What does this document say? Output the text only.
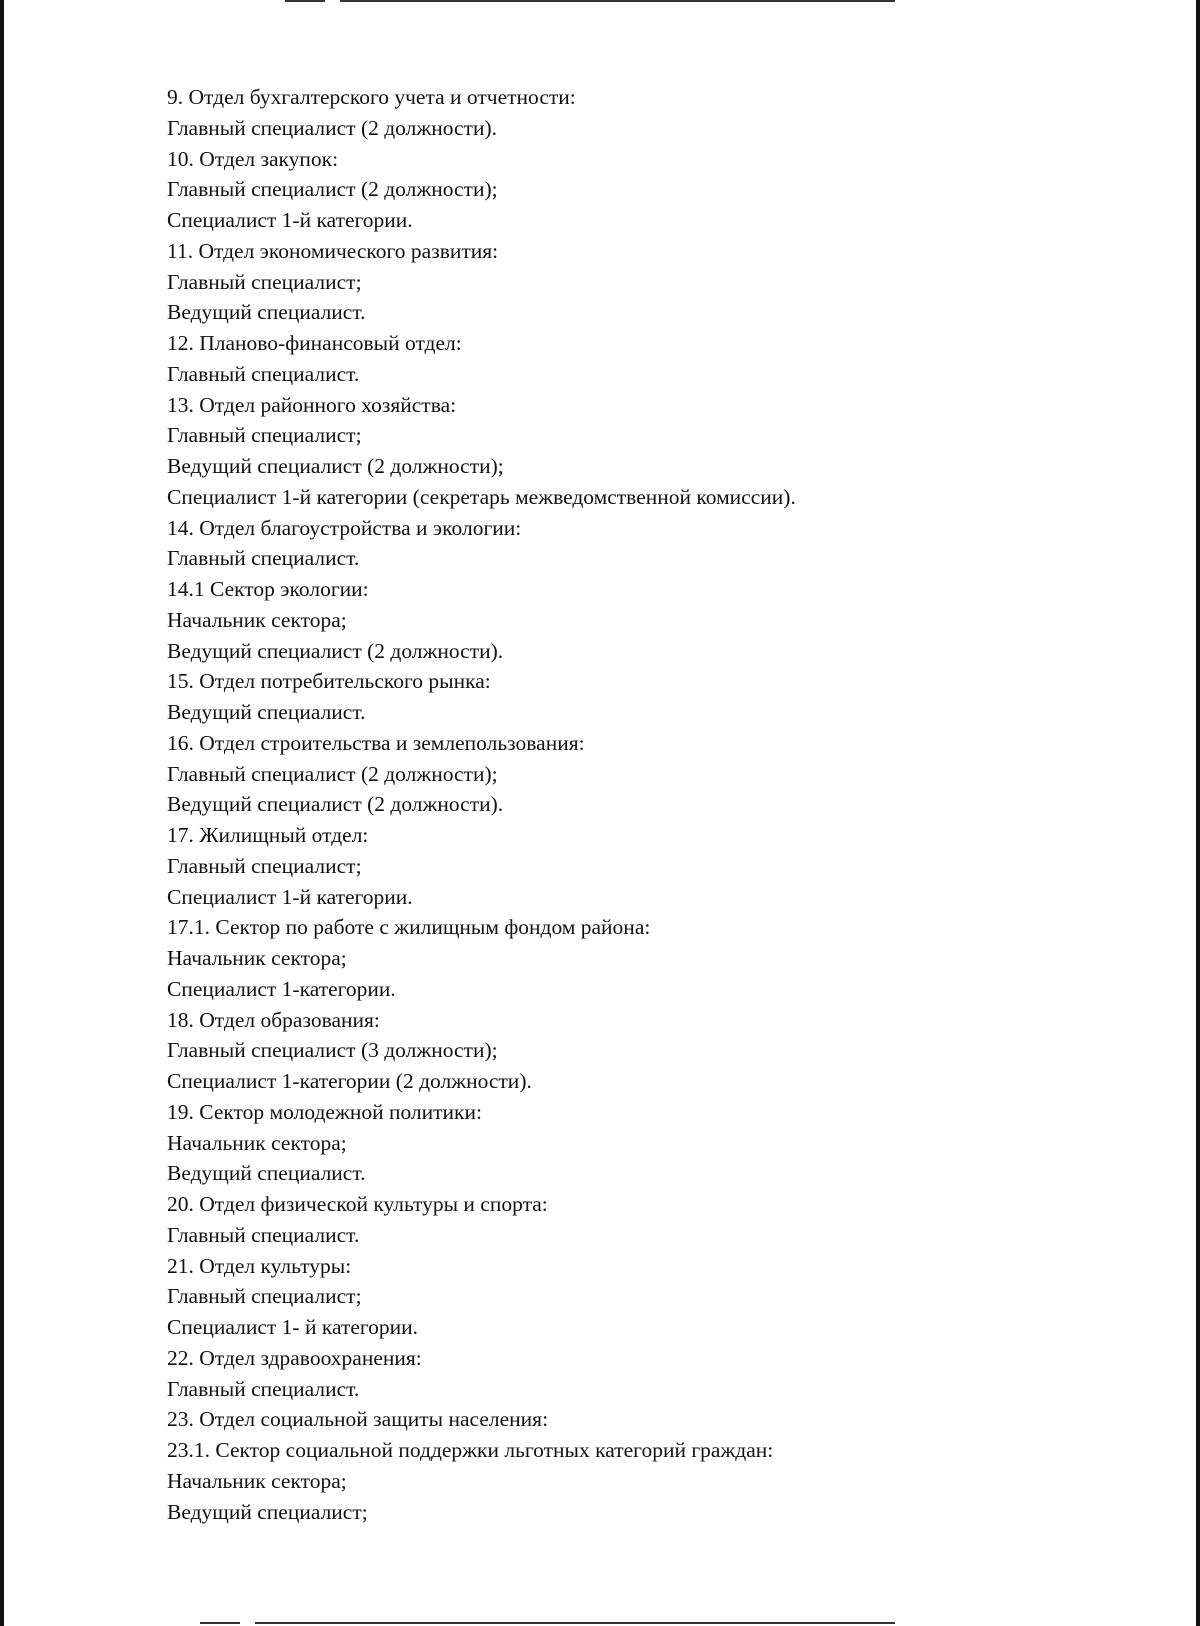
9. Отдел бухгалтерского учета и отчетности:
Главный специалист (2 должности).
10. Отдел закупок:
Главный специалист (2 должности);
Специалист 1-й категории.
11. Отдел экономического развития:
Главный специалист;
Ведущий специалист.
12. Планово-финансовый отдел:
Главный специалист.
13. Отдел районного хозяйства:
Главный специалист;
Ведущий специалист (2 должности);
Специалист 1-й категории (секретарь межведомственной комиссии).
14. Отдел благоустройства и экологии:
Главный специалист.
14.1 Сектор экологии:
Начальник сектора;
Ведущий специалист (2 должности).
15. Отдел потребительского рынка:
Ведущий специалист.
16. Отдел строительства и землепользования:
Главный специалист (2 должности);
Ведущий специалист (2 должности).
17. Жилищный отдел:
Главный специалист;
Специалист 1-й категории.
17.1. Сектор по работе с жилищным фондом района:
Начальник сектора;
Специалист 1-категории.
18. Отдел образования:
Главный специалист (3 должности);
Специалист 1-категории (2 должности).
19. Сектор молодежной политики:
Начальник сектора;
Ведущий специалист.
20. Отдел физической культуры и спорта:
Главный специалист.
21. Отдел культуры:
Главный специалист;
Специалист 1- й категории.
22. Отдел здравоохранения:
Главный специалист.
23. Отдел социальной защиты населения:
23.1. Сектор социальной поддержки льготных категорий граждан:
Начальник сектора;
Ведущий специалист;
